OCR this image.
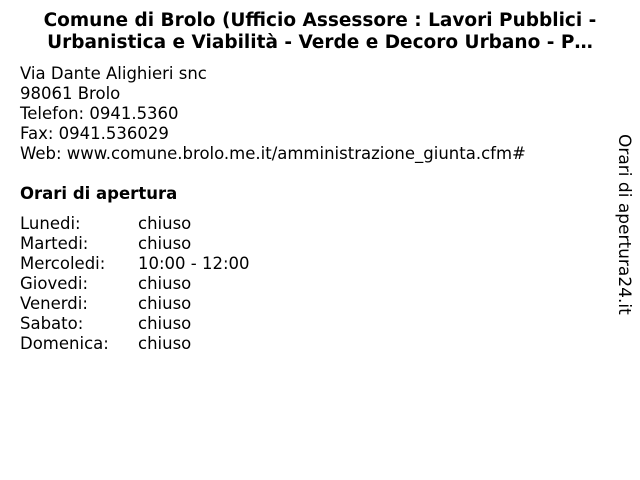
Comune di Brolo (Ufficio Assessore : Lavori Pubblici -
Urbanistica e Viabilità - Verde e Decoro Urbano - P…
Via Dante Alighieri snc
98061 Brolo
Telefon: 0941.5360
Fax: 0941.536029
Web: www.comune.brolo.me.it/amministrazione_giunta.cfm#
Orari di apertura
Lunedi:	chiuso
Martedi:	chiuso
Mercoledi:	10:00 - 12:00
Giovedi:	chiuso
Venerdi:	chiuso
Sabato:	chiuso
Domenica:	chiuso
Orari di apertura24.it
